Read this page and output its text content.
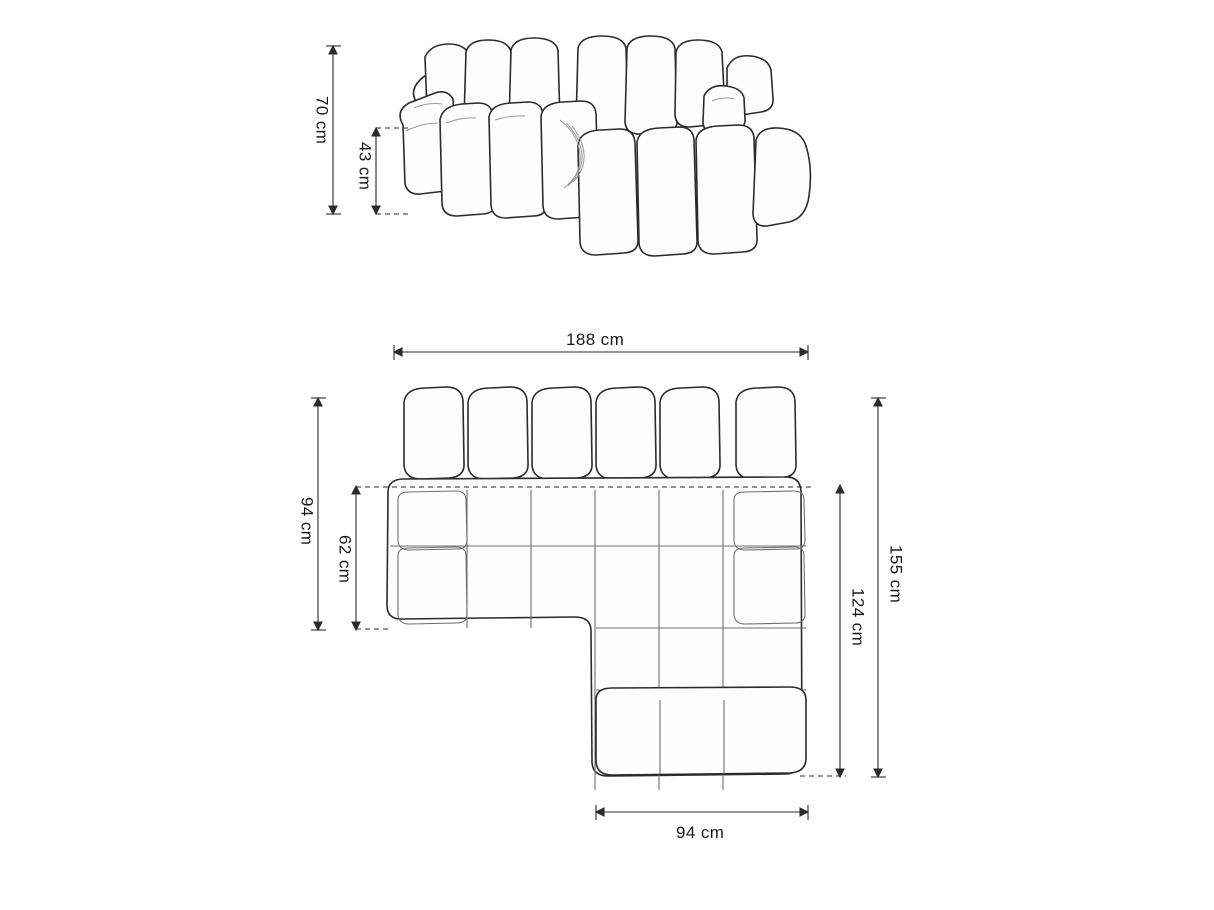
70 cm
43 cm
188 cm
94 cm
62 cm	155 cm
124 cm
94 cm
